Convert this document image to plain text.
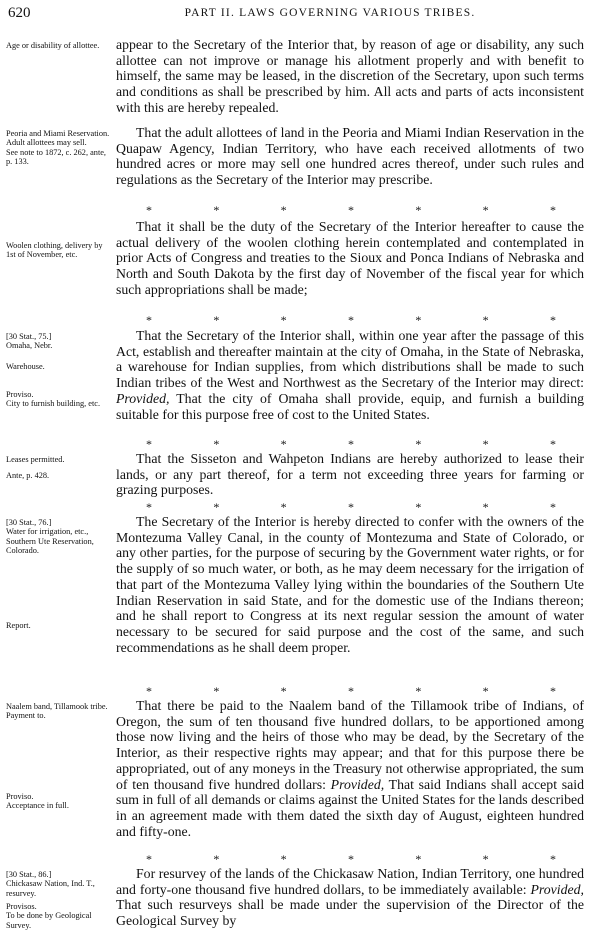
620	PART II. LAWS GOVERNING VARIOUS TRIBES.
Age or disability of allottee.	appear to the Secretary of the Interior that, by reason of age or disability, any such allottee can not improve or manage his allotment properly and with benefit to himself, the same may be leased, in the discretion of the Secretary, upon such terms and conditions as shall be prescribed by him. All acts and parts of acts inconsistent with this are hereby repealed.
Peoria and Miami Reservation.
Adult allottees may sell.
See note to 1872, c. 262, ante, p. 133.
That the adult allottees of land in the Peoria and Miami Indian Reservation in the Quapaw Agency, Indian Territory, who have each received allotments of two hundred acres or more may sell one hundred acres thereof, under such rules and regulations as the Secretary of the Interior may prescribe.
*	*	*	*	*	*	*
Woolen clothing, delivery by 1st of November, etc.
That it shall be the duty of the Secretary of the Interior hereafter to cause the actual delivery of the woolen clothing herein contemplated and contemplated in prior Acts of Congress and treaties to the Sioux and Ponca Indians of Nebraska and North and South Dakota by the first day of November of the fiscal year for which such appropriations shall be made;
*	*	*	*	*	*	*
[30 Stat., 75.]
Omaha, Nebr.
Warehouse.
Proviso.
City to furnish building, etc.
That the Secretary of the Interior shall, within one year after the passage of this Act, establish and thereafter maintain at the city of Omaha, in the State of Nebraska, a warehouse for Indian supplies, from which distributions shall be made to such Indian tribes of the West and Northwest as the Secretary of the Interior may direct: Provided, That the city of Omaha shall provide, equip, and furnish a building suitable for this purpose free of cost to the United States.
*	*	*	*	*	*	*
Leases permitted.
Ante, p. 428.
That the Sisseton and Wahpeton Indians are hereby authorized to lease their lands, or any part thereof, for a term not exceeding three years for farming or grazing purposes.
*	*	*	*	*	*	*
[30 Stat., 76.]
Water for irrigation, etc., Southern Ute Reservation, Colorado.
Report.
The Secretary of the Interior is hereby directed to confer with the owners of the Montezuma Valley Canal, in the county of Montezuma and State of Colorado, or any other parties, for the purpose of securing by the Government water rights, or for the supply of so much water, or both, as he may deem necessary for the irrigation of that part of the Montezuma Valley lying within the boundaries of the Southern Ute Indian Reservation in said State, and for the domestic use of the Indians thereon; and he shall report to Congress at its next regular session the amount of water necessary to be secured for said purpose and the cost of the same, and such recommendations as he shall deem proper.
*	*	*	*	*	*	*
Naalem band, Tillamook tribe.
Payment to.
Proviso.
Acceptance in full.
That there be paid to the Naalem band of the Tillamook tribe of Indians, of Oregon, the sum of ten thousand five hundred dollars, to be apportioned among those now living and the heirs of those who may be dead, by the Secretary of the Interior, as their respective rights may appear; and that for this purpose there be appropriated, out of any moneys in the Treasury not otherwise appropriated, the sum of ten thousand five hundred dollars: Provided, That said Indians shall accept said sum in full of all demands or claims against the United States for the lands described in an agreement made with them dated the sixth day of August, eighteen hundred and fifty-one.
*	*	*	*	*	*	*
[30 Stat., 86.]
Chickasaw Nation, Ind. T., resurvey.
Provisos.
To be done by Geological Survey.
For resurvey of the lands of the Chickasaw Nation, Indian Territory, one hundred and forty-one thousand five hundred dollars, to be immediately available: Provided, That such resurveys shall be made under the supervision of the Director of the Geological Survey by
